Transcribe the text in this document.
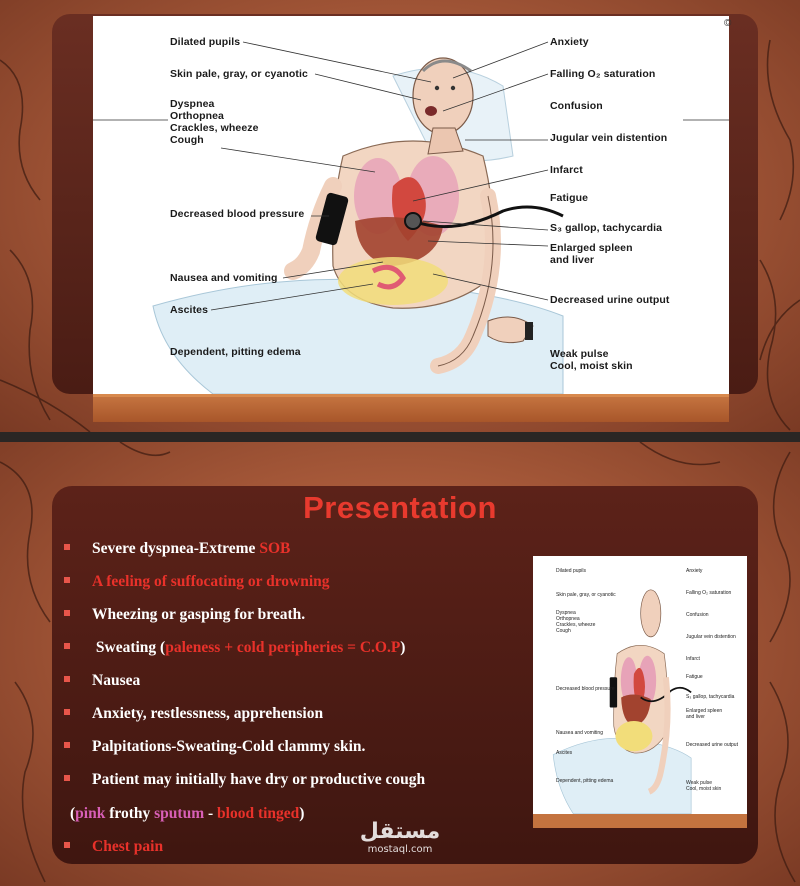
©
Dilated pupils
Skin pale, gray, or cyanotic
Dyspnea
Orthopnea
Crackles, wheeze
Cough
Decreased blood pressure
Nausea and vomiting
Ascites
Dependent, pitting edema
Anxiety
Falling O₂ saturation
Confusion
Jugular vein distention
Infarct
Fatigue
S₃ gallop, tachycardia
Enlarged spleen
and liver
Decreased urine output
Weak pulse
Cool, moist skin
Presentation
Severe dyspnea-Extreme SOB
A feeling of suffocating or drowning
Wheezing or gasping for breath.
Sweating (paleness + cold peripheries = C.O.P)
Nausea
Anxiety, restlessness, apprehension
Palpitations-Sweating-Cold clammy skin.
Patient may initially have dry or productive cough
(pink frothy sputum - blood tinged)
Chest pain
Dilated pupils
Skin pale, gray, or cyanotic
Dyspnea
Orthopnea
Crackles, wheeze
Cough
Decreased blood pressure
Nausea and vomiting
Ascites
Dependent, pitting edema
Anxiety
Falling O₂ saturation
Confusion
Jugular vein distention
Infarct
Fatigue
S₃ gallop, tachycardia
Enlarged spleen
and liver
Decreased urine output
Weak pulse
Cool, moist skin
مستقل
mostaql.com
